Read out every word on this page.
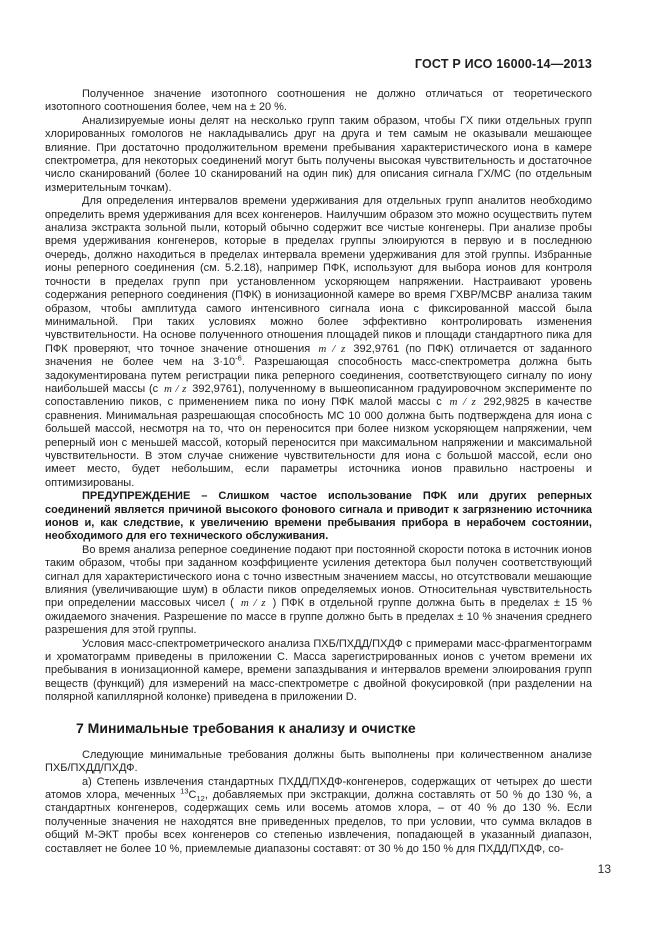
ГОСТ Р ИСО 16000-14—2013

Полученное значение изотопного соотношения не должно отличаться от теоретического изотопного соотношения более, чем на ± 20 %.

Анализируемые ионы делят на несколько групп таким образом, чтобы ГХ пики отдельных групп хлорированных гомологов не накладывались друг на друга и тем самым не оказывали мешающее влияние. При достаточно продолжительном времени пребывания характеристического иона в камере спектрометра, для некоторых соединений могут быть получены высокая чувствительность и достаточное число сканирований (более 10 сканирований на один пик) для описания сигнала ГХ/МС (по отдельным измерительным точкам).

Для определения интервалов времени удерживания для отдельных групп аналитов необходимо определить время удерживания для всех конгенеров. Наилучшим образом это можно осуществить путем анализа экстракта зольной пыли, который обычно содержит все чистые конгенеры. При анализе пробы время удерживания конгенеров, которые в пределах группы элюируются в первую и в последнюю очередь, должно находиться в пределах интервала времени удерживания для этой группы. Избранные ионы реперного соединения (см. 5.2.18), например ПФК, используют для выбора ионов для контроля точности в пределах групп при установленном ускоряющем напряжении. Настраивают уровень содержания реперного соединения (ПФК) в ионизационной камере во время ГХВР/МСВР анализа таким образом, чтобы амплитуда самого интенсивного сигнала иона с фиксированной массой была минимальной. При таких условиях можно более эффективно контролировать изменения чувствительности. На основе полученного отношения площадей пиков и площади стандартного пика для ПФК проверяют, что точное значение отношения m / z 392,9761 (по ПФК) отличается от заданного значения не более чем на $3\cdot 10^{-6}$. Разрешающая способность масс-спектрометра должна быть задокументирована путем регистрации пика реперного соединения, соответствующего сигналу по иону наибольшей массы (с m / z 392,9761), полученному в вышеописанном градуировочном эксперименте по сопоставлению пиков, с применением пика по иону ПФК малой массы с m / z 292,9825 в качестве сравнения. Минимальная разрешающая способность МС 10 000 должна быть подтверждена для иона с большей массой, несмотря на то, что он переносится при более низком ускоряющем напряжении, чем реперный ион с меньшей массой, который переносится при максимальном напряжении и максимальной чувствительности. В этом случае снижение чувствительности для иона с большой массой, если оно имеет место, будет небольшим, если параметры источника ионов правильно настроены и оптимизированы.

ПРЕДУПРЕЖДЕНИЕ – Слишком частое использование ПФК или других реперных соединений является причиной высокого фонового сигнала и приводит к загрязнению источника ионов и, как следствие, к увеличению времени пребывания прибора в нерабочем состоянии, необходимого для его технического обслуживания.

Во время анализа реперное соединение подают при постоянной скорости потока в источник ионов таким образом, чтобы при заданном коэффициенте усиления детектора был получен соответствующий сигнал для характеристического иона с точно известным значением массы, но отсутствовали мешающие влияния (увеличивающие шум) в области пиков определяемых ионов. Относительная чувствительность при определении массовых чисел ( m / z ) ПФК в отдельной группе должна быть в пределах ± 15 % ожидаемого значения. Разрешение по массе в группе должно быть в пределах ± 10 % значения среднего разрешения для этой группы.

Условия масс-спектрометрического анализа ПХБ/ПХДД/ПХДФ с примерами масс-фрагментограмм и хроматограмм приведены в приложении C. Масса зарегистрированных ионов с учетом времени их пребывания в ионизационной камере, времени запаздывания и интервалов времени элюирования групп веществ (функций) для измерений на масс-спектрометре с двойной фокусировкой (при разделении на полярной капиллярной колонке) приведена в приложении D.

7 Минимальные требования к анализу и очистке

Следующие минимальные требования должны быть выполнены при количественном анализе ПХБ/ПХДД/ПХДФ.

а) Степень извлечения стандартных ПХДД/ПХДФ-конгенеров, содержащих от четырех до шести атомов хлора, меченных $^{13}C_{12}$, добавляемых при экстракции, должна составлять от 50 % до 130 %, а стандартных конгенеров, содержащих семь или восемь атомов хлора, – от 40 % до 130 %. Если полученные значения не находятся вне приведенных пределов, то при условии, что сумма вкладов в общий М-ЭКТ пробы всех конгенеров со степенью извлечения, попадающей в указанный диапазон, составляет не более 10 %, приемлемые диапазоны составят: от 30 % до 150 % для ПХДД/ПХДФ, со-

13
